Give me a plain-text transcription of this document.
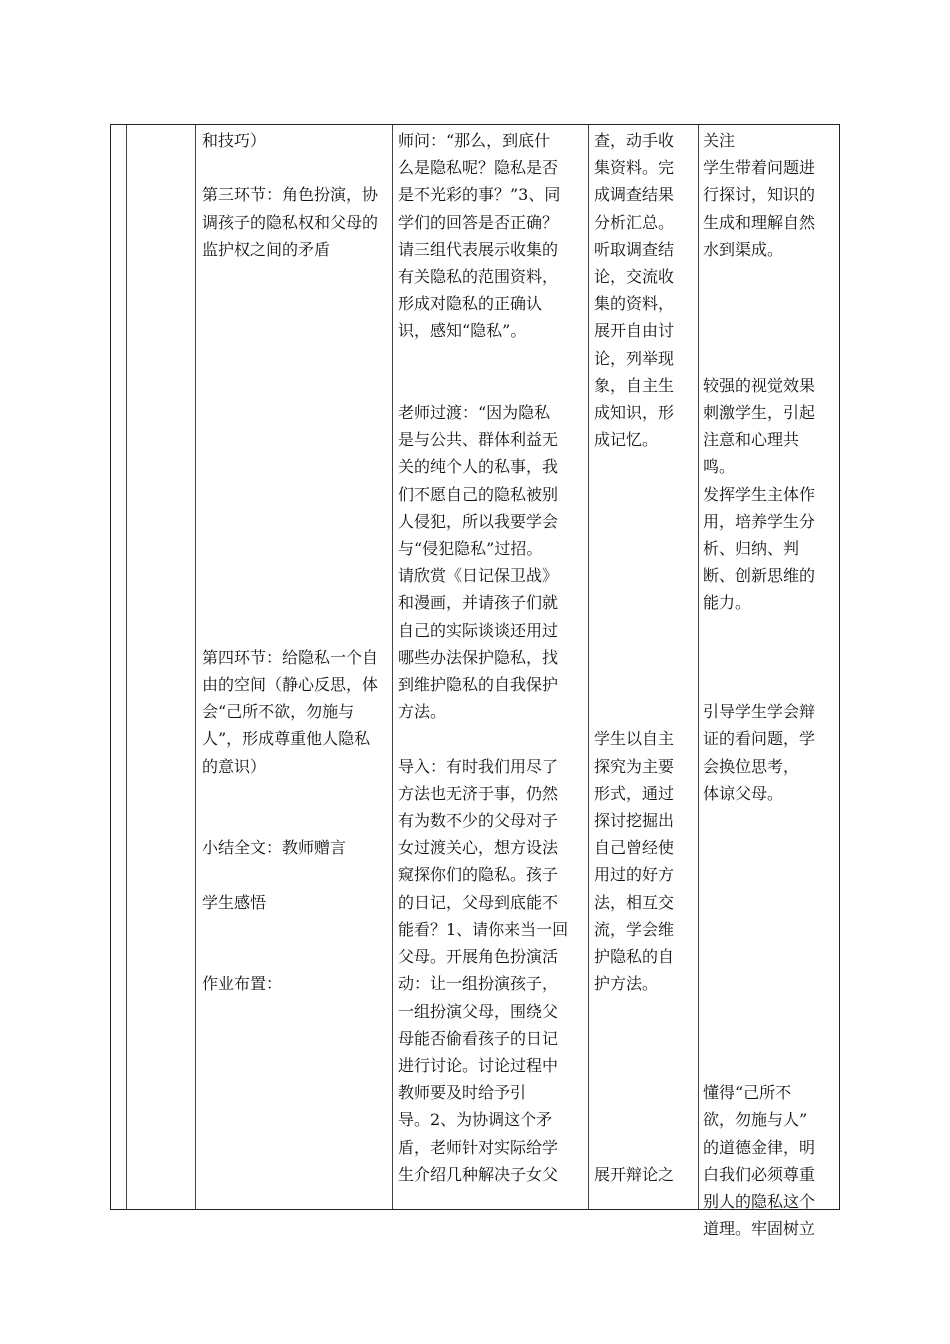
和技巧）

第三环节：角色扮演，协

调孩子的隐私权和父母的

监护权之间的矛盾

第四环节：给隐私一个自

由的空间（静心反思，体

会“己所不欲，勿施与

人”，形成尊重他人隐私

的意识）

小结全文：教师赠言

学生感悟

作业布置：

师问：“那么，到底什

么是隐私呢？隐私是否

是不光彩的事？”3、同

学们的回答是否正确？

请三组代表展示收集的

有关隐私的范围资料，

形成对隐私的正确认

识，感知“隐私”。

老师过渡：“因为隐私

是与公共、群体利益无

关的纯个人的私事，我

们不愿自己的隐私被别

人侵犯，所以我要学会

与“侵犯隐私”过招。

请欣赏《日记保卫战》

和漫画，并请孩子们就

自己的实际谈谈还用过

哪些办法保护隐私，找

到维护隐私的自我保护

方法。

导入：有时我们用尽了

方法也无济于事，仍然

有为数不少的父母对子

女过渡关心，想方设法

窥探你们的隐私。孩子

的日记，父母到底能不

能看？1、请你来当一回

父母。开展角色扮演活

动：让一组扮演孩子，

一组扮演父母，围绕父

母能否偷看孩子的日记

进行讨论。讨论过程中

教师要及时给予引

导。2、为协调这个矛

盾，老师针对实际给学

生介绍几种解决子女父

查，动手收

集资料。完

成调查结果

分析汇总。

听取调查结

论，交流收

集的资料，

展开自由讨

论，列举现

象，自主生

成知识，形

成记忆。

学生以自主

探究为主要

形式，通过

探讨挖掘出

自己曾经使

用过的好方

法，相互交

流，学会维

护隐私的自

护方法。

展开辩论之

关注

学生带着问题进

行探讨，知识的

生成和理解自然

水到渠成。

较强的视觉效果

刺激学生，引起

注意和心理共

鸣。

发挥学生主体作

用，培养学生分

析、归纳、判

断、创新思维的

能力。

引导学生学会辩

证的看问题，学

会换位思考，

体谅父母。

懂得“己所不

欲，勿施与人”

的道德金律，明

白我们必须尊重

别人的隐私这个

道理。牢固树立
